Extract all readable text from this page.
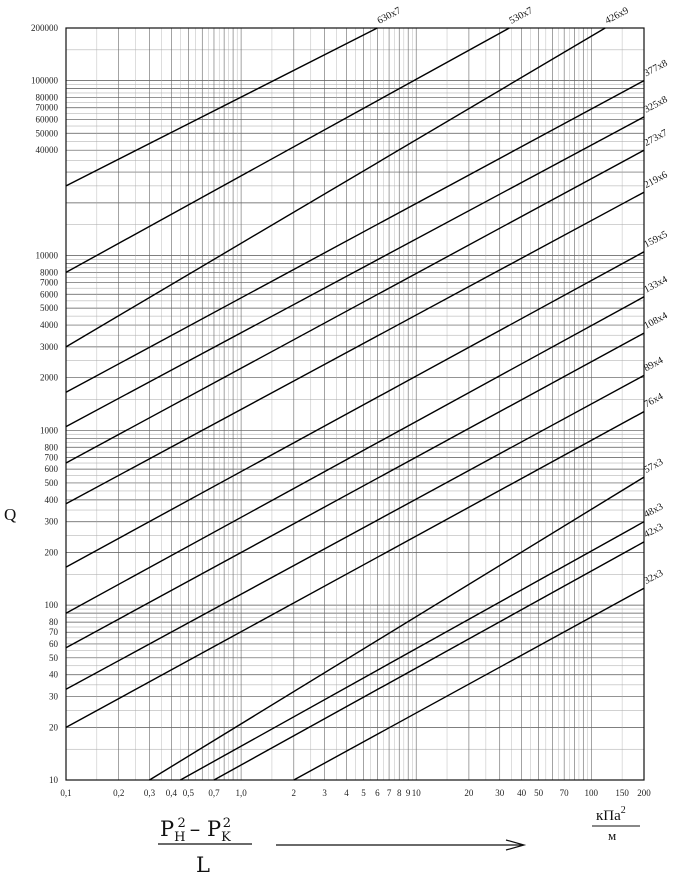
32x3
42x3
48x3
57x3
76x4
89x4
108x4
133x4
159x5
219x6
273x7
325x8
377x8
426x9
530x7
630x7
10
20
30
40
50
60
70
80
100
200
300
400
500
600
700
800
1000
2000
3000
4000
5000
6000
7000
8000
10000
40000
50000
60000
70000
80000
100000
200000
0,1	0,2 0,3 0,4 0,5 0,7 1,0	2	3 4 5 6 7 8 9 10	20 30 40 50 70 100 150 200
Q
$P_H2 - P_K2$
L
кПа$^2$
м
